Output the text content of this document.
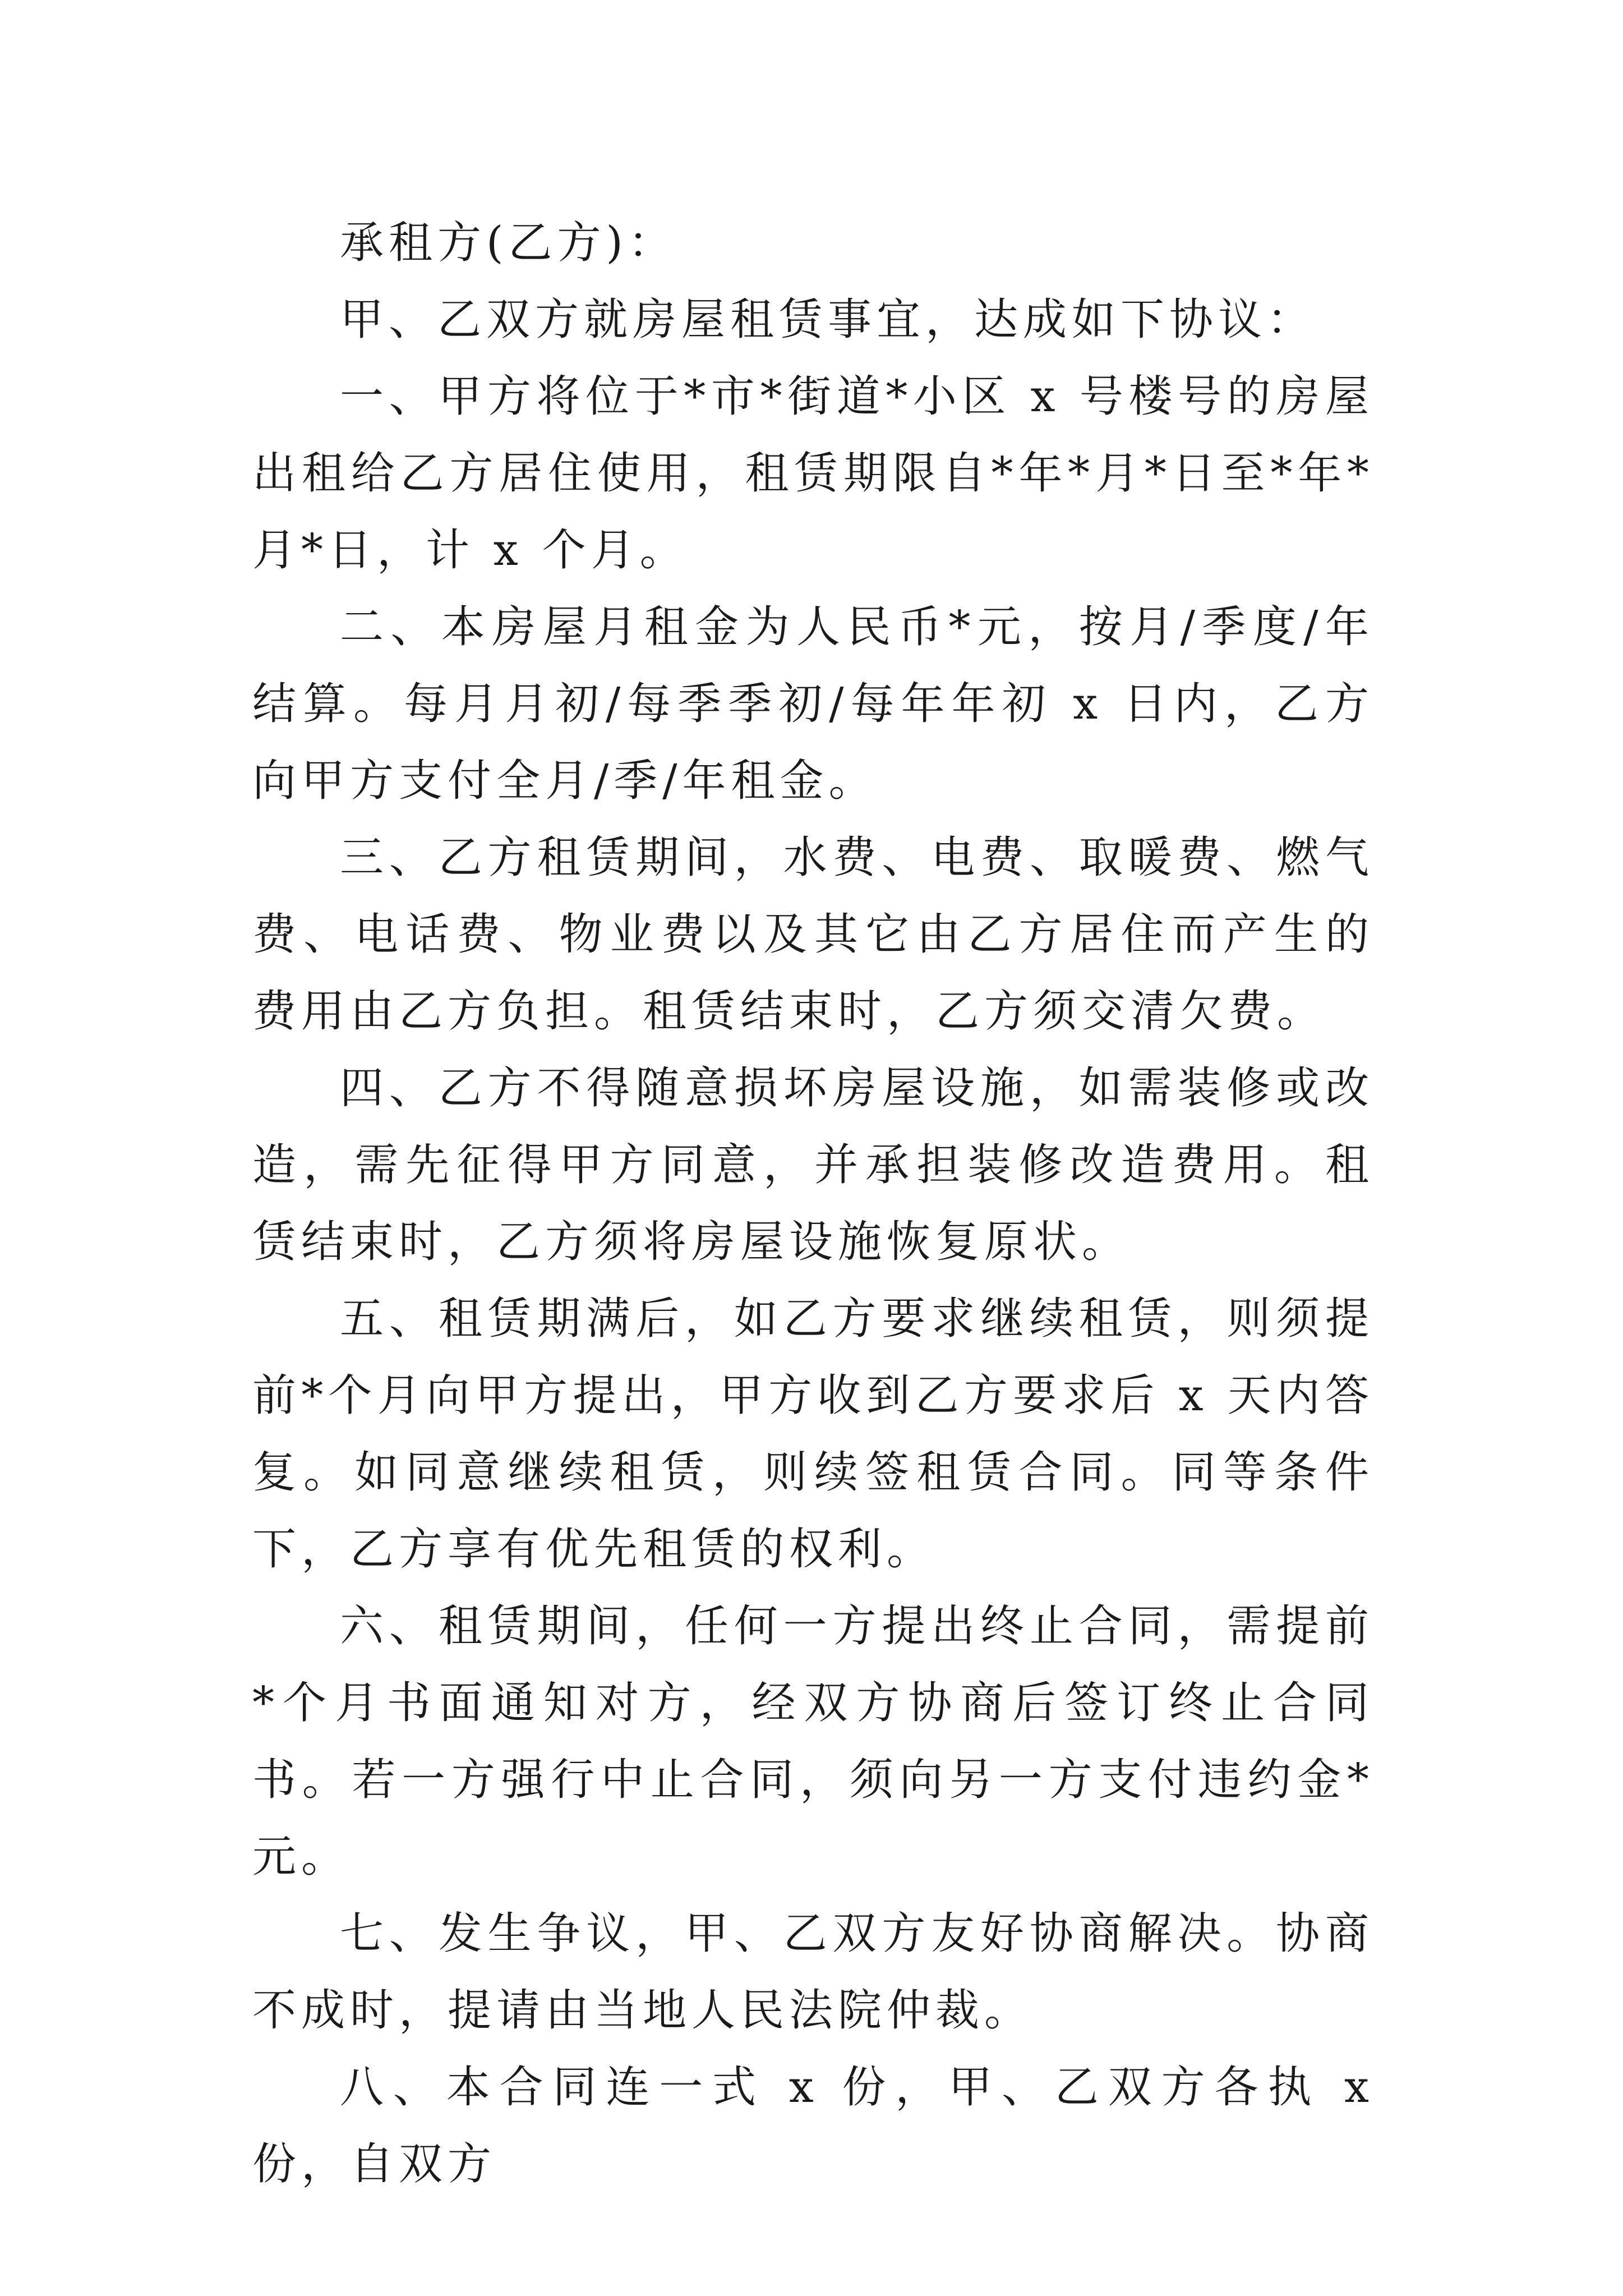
承租方(乙方)：

甲、乙双方就房屋租赁事宜，达成如下协议：

一、甲方将位于*市*街道*小区 x 号楼号的房屋出租给乙方居住使用，租赁期限自*年*月*日至*年*月*日，计 x 个月。

二、本房屋月租金为人民币*元，按月/季度/年结算。每月月初/每季季初/每年年初 x 日内，乙方向甲方支付全月/季/年租金。

三、乙方租赁期间，水费、电费、取暖费、燃气费、电话费、物业费以及其它由乙方居住而产生的费用由乙方负担。租赁结束时，乙方须交清欠费。

四、乙方不得随意损坏房屋设施，如需装修或改造，需先征得甲方同意，并承担装修改造费用。租赁结束时，乙方须将房屋设施恢复原状。

五、租赁期满后，如乙方要求继续租赁，则须提前*个月向甲方提出，甲方收到乙方要求后 x 天内答复。如同意继续租赁，则续签租赁合同。同等条件下，乙方享有优先租赁的权利。

六、租赁期间，任何一方提出终止合同，需提前*个月书面通知对方，经双方协商后签订终止合同书。若一方强行中止合同，须向另一方支付违约金*元。

七、发生争议，甲、乙双方友好协商解决。协商不成时，提请由当地人民法院仲裁。

八、本合同连一式 x 份，甲、乙双方各执 x 份，自双方
